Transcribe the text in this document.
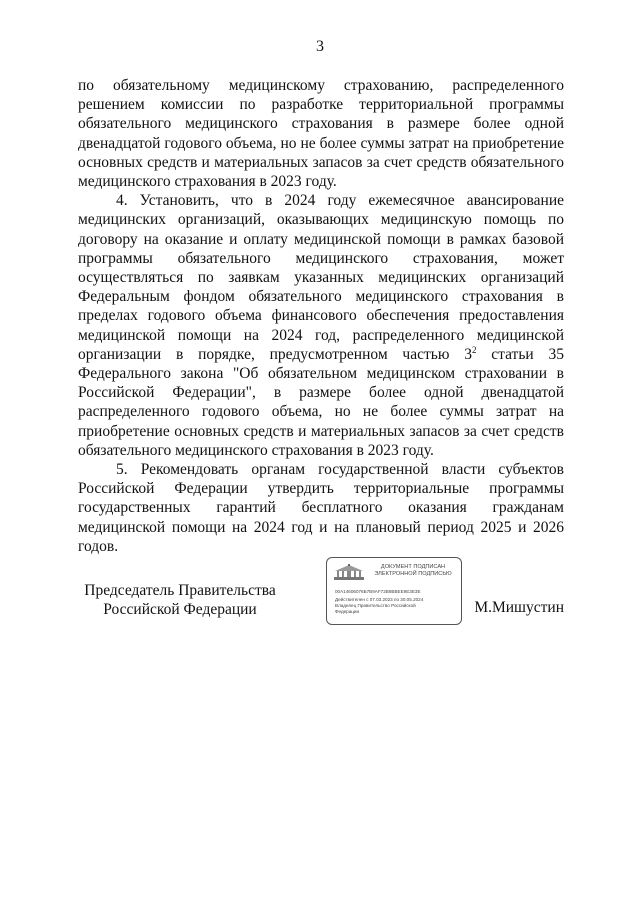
3

по обязательному медицинскому страхованию, распределенного решением комиссии по разработке территориальной программы обязательного медицинского страхования в размере более одной двенадцатой годового объема, но не более суммы затрат на приобретение основных средств и материальных запасов за счет средств обязательного медицинского страхования в 2023 году.

4. Установить, что в 2024 году ежемесячное авансирование медицинских организаций, оказывающих медицинскую помощь по договору на оказание и оплату медицинской помощи в рамках базовой программы обязательного медицинского страхования, может осуществляться по заявкам указанных медицинских организаций Федеральным фондом обязательного медицинского страхования в пределах годового объема финансового обеспечения предоставления медицинской помощи на 2024 год, распределенного медицинской организации в порядке, предусмотренном частью $3^2$ статьи 35 Федерального закона "Об обязательном медицинском страховании в Российской Федерации", в размере более одной двенадцатой распределенного годового объема, но не более суммы затрат на приобретение основных средств и материальных запасов за счет средств обязательного медицинского страхования в 2023 году.

5. Рекомендовать органам государственной власти субъектов Российской Федерации утвердить территориальные программы государственных гарантий бесплатного оказания гражданам медицинской помощи на 2024 год и на плановый период 2025 и 2026 годов.

Председатель Правительства
Российской Федерации
ДОКУМЕНТ ПОДПИСАН
ЭЛЕКТРОННОЙ ПОДПИСЬЮ
00А14606076Б7В9АF72В8ВВЕЕ9Е3Е3Е
Действителен с 07.03.2023 по 30.05.2024
Владелец Правительство Российской
Федерации	М.Мишустин
